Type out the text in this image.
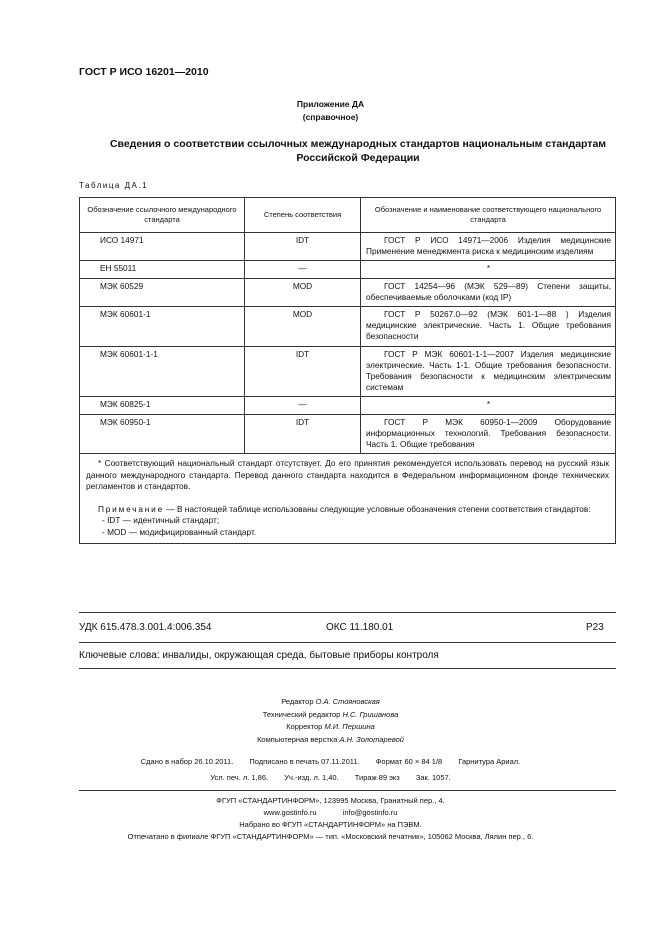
ГОСТ Р ИСО 16201—2010
Приложение ДА
(справочное)
Сведения о соответствии ссылочных международных стандартов национальным стандартам
Российской Федерации
Таблица ДА.1
Обозначение ссылочного международного стандарта	Степень соответствия	Обозначение и наименование соответствующего национального стандарта
ИСО 14971	IDT	ГОСТ Р ИСО 14971—2006 Изделия медицинские Применение менеджмента риска к медицинским изделиям
ЕН 55011	—	*
МЭК 60529	MOD	ГОСТ 14254—96 (МЭК 529—89) Степени защиты, обеспечиваемые оболочками (код IP)
МЭК 60601-1	MOD	ГОСТ Р 50267.0—92 (МЭК 601-1—88 ) Изделия медицинские электрические. Часть 1. Общие требования безопасности
МЭК 60601-1-1	IDT	ГОСТ Р МЭК 60601-1-1—2007 Изделия медицинские электрические. Часть 1-1. Общие требования безопасности. Требования безопасности к медицинским электрическим системам
МЭК 60825-1	—	*
МЭК 60950-1	IDT	ГОСТ Р МЭК 60950-1—2009 Оборудование информационных технологий. Требования безопасности. Часть 1. Общие требования

* Соответствующий национальный стандарт отсутствует. До его принятия рекомендуется использовать перевод на русский язык данного международного стандарта. Перевод данного стандарта находится в Федеральном информационном фонде технических регламентов и стандартов.

Примечание — В настоящей таблице использованы следующие условные обозначения степени соответствия стандартов:

- IDT — идентичный стандарт;
- MOD — модифицированный стандарт.		
УДК 615.478.3.001.4:006.354	ОКС 11.180.01	Р23
Ключевые слова: инвалиды, окружающая среда, бытовые приборы контроля
Редактор О.А. Стояновская
Технический редактор Н.С. Гришанова
Корректор М.И. Першина
Компьютерная верстка А.Н. Золотаревой
Сдано в набор 26.10.2011. Подписано в печать 07.11.2011. Формат 60 × 84 1/8 Гарнитура Ариал.
Усл. печ. л. 1,86. Уч.-изд. л. 1,40. Тираж 89 экз Зак. 1057.
ФГУП «СТАНДАРТИНФОРМ», 123995 Москва, Гранатный пер., 4.
www.gostinfo.ru	info@gostinfo.ru
Набрано во ФГУП «СТАНДАРТИНФОРМ» на ПЭВМ.
Отпечатано в филиале ФГУП «СТАНДАРТИНФОРМ» — тип. «Московский печатник», 105062 Москва, Лялин пер., 6.
